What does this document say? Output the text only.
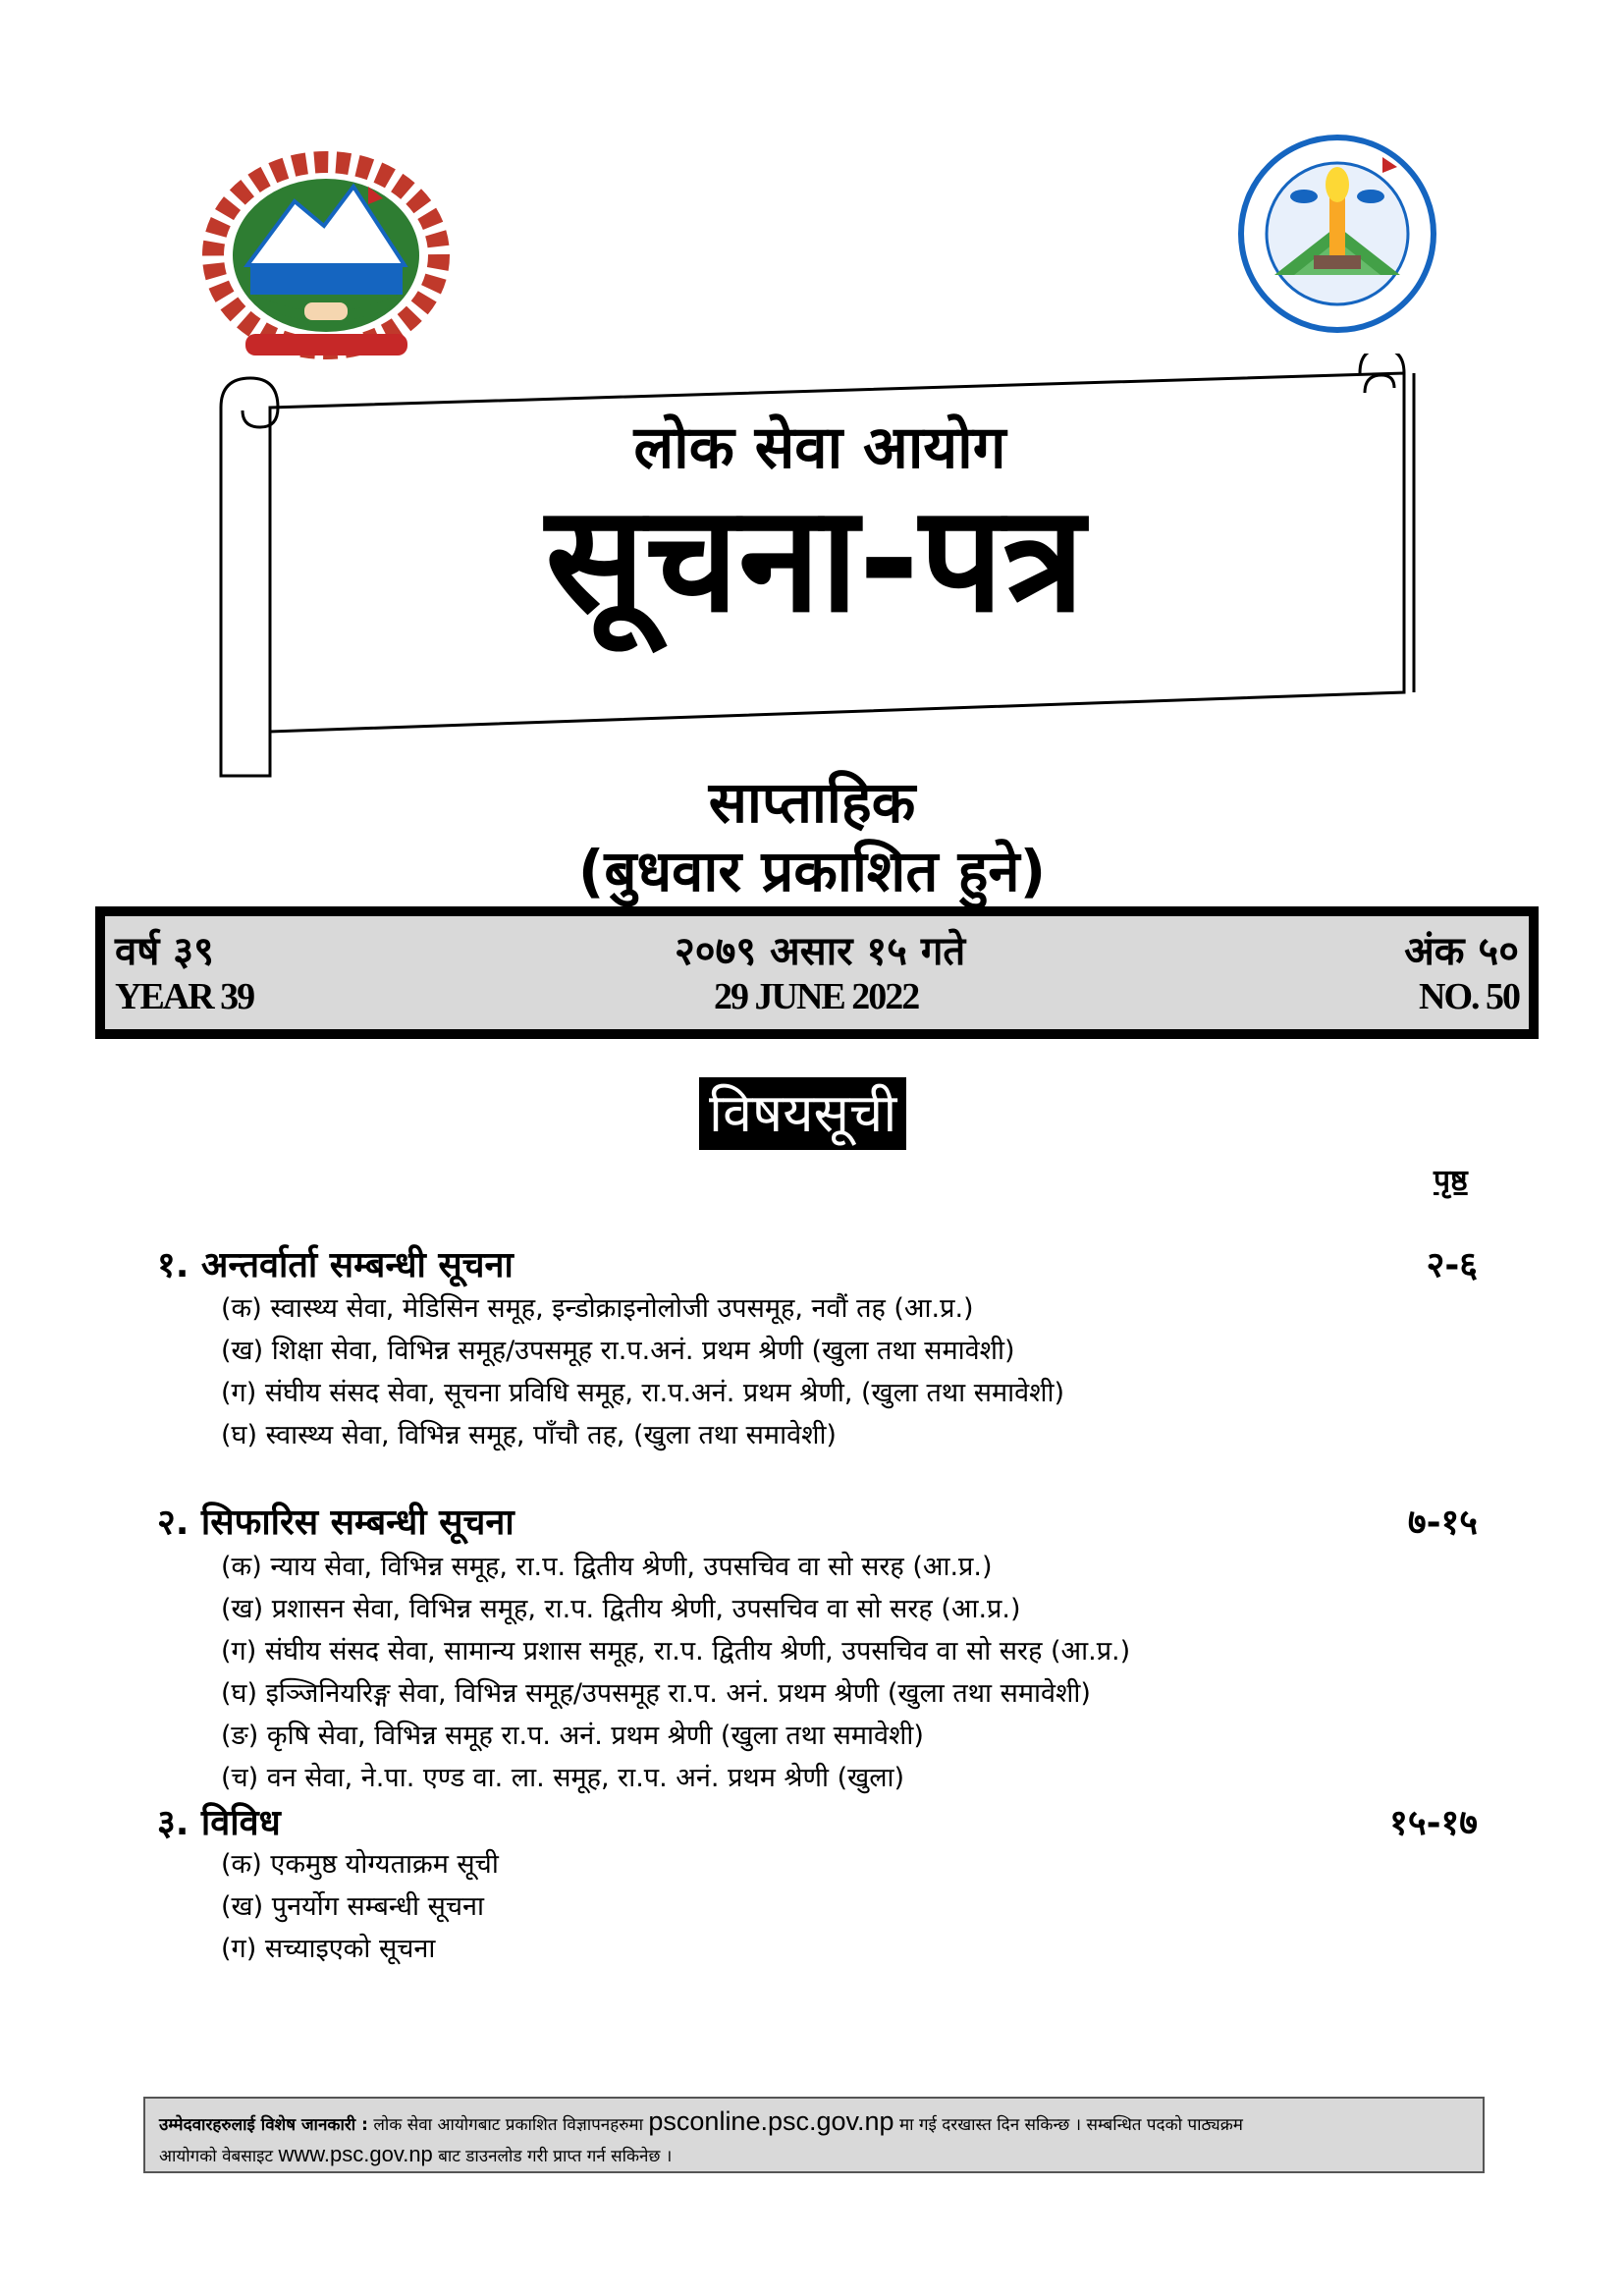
लोक सेवा आयोग
सूचना-पत्र
साप्ताहिक
(बुधवार प्रकाशित हुने)
वर्ष ३९	२०७९ असार १५ गते	अंक ५०
YEAR 39	29 JUNE 2022	NO. 50
विषयसूची
पृष्ठ
१. अन्तर्वार्ता सम्बन्धी सूचना	२-६
(क) स्वास्थ्य सेवा, मेडिसिन समूह, इन्डोक्राइनोलोजी उपसमूह, नवौं तह (आ.प्र.)
(ख) शिक्षा सेवा, विभिन्न समूह/उपसमूह रा.प.अनं. प्रथम श्रेणी (खुला तथा समावेशी)
(ग) संघीय संसद सेवा, सूचना प्रविधि समूह, रा.प.अनं. प्रथम श्रेणी, (खुला तथा समावेशी)
(घ) स्वास्थ्य सेवा, विभिन्न समूह, पाँचौ तह, (खुला तथा समावेशी)
२. सिफारिस सम्बन्धी सूचना	७-१५
(क) न्याय सेवा, विभिन्न समूह, रा.प. द्वितीय श्रेणी, उपसचिव वा सो सरह (आ.प्र.)
(ख) प्रशासन सेवा, विभिन्न समूह, रा.प. द्वितीय श्रेणी, उपसचिव वा सो सरह (आ.प्र.)
(ग) संघीय संसद सेवा, सामान्य प्रशास समूह, रा.प. द्वितीय श्रेणी, उपसचिव वा सो सरह (आ.प्र.)
(घ) इञ्जिनियरिङ्ग सेवा, विभिन्न समूह/उपसमूह रा.प. अनं. प्रथम श्रेणी (खुला तथा समावेशी)
(ङ) कृषि सेवा, विभिन्न समूह रा.प. अनं. प्रथम श्रेणी (खुला तथा समावेशी)
(च) वन सेवा, ने.पा. एण्ड वा. ला. समूह, रा.प. अनं. प्रथम श्रेणी (खुला)
३. विविध	१५-१७
(क) एकमुष्ठ योग्यताक्रम सूची
(ख) पुनर्योग सम्बन्धी सूचना
(ग) सच्याइएको सूचना
उम्मेदवारहरुलाई विशेष जानकारी : लोक सेवा आयोगबाट प्रकाशित विज्ञापनहरुमा psconline.psc.gov.np मा गई दरखास्त दिन सकिन्छ । सम्बन्धित पदको पाठ्यक्रम
आयोगको वेबसाइट www.psc.gov.np बाट डाउनलोड गरी प्राप्त गर्न सकिनेछ ।
